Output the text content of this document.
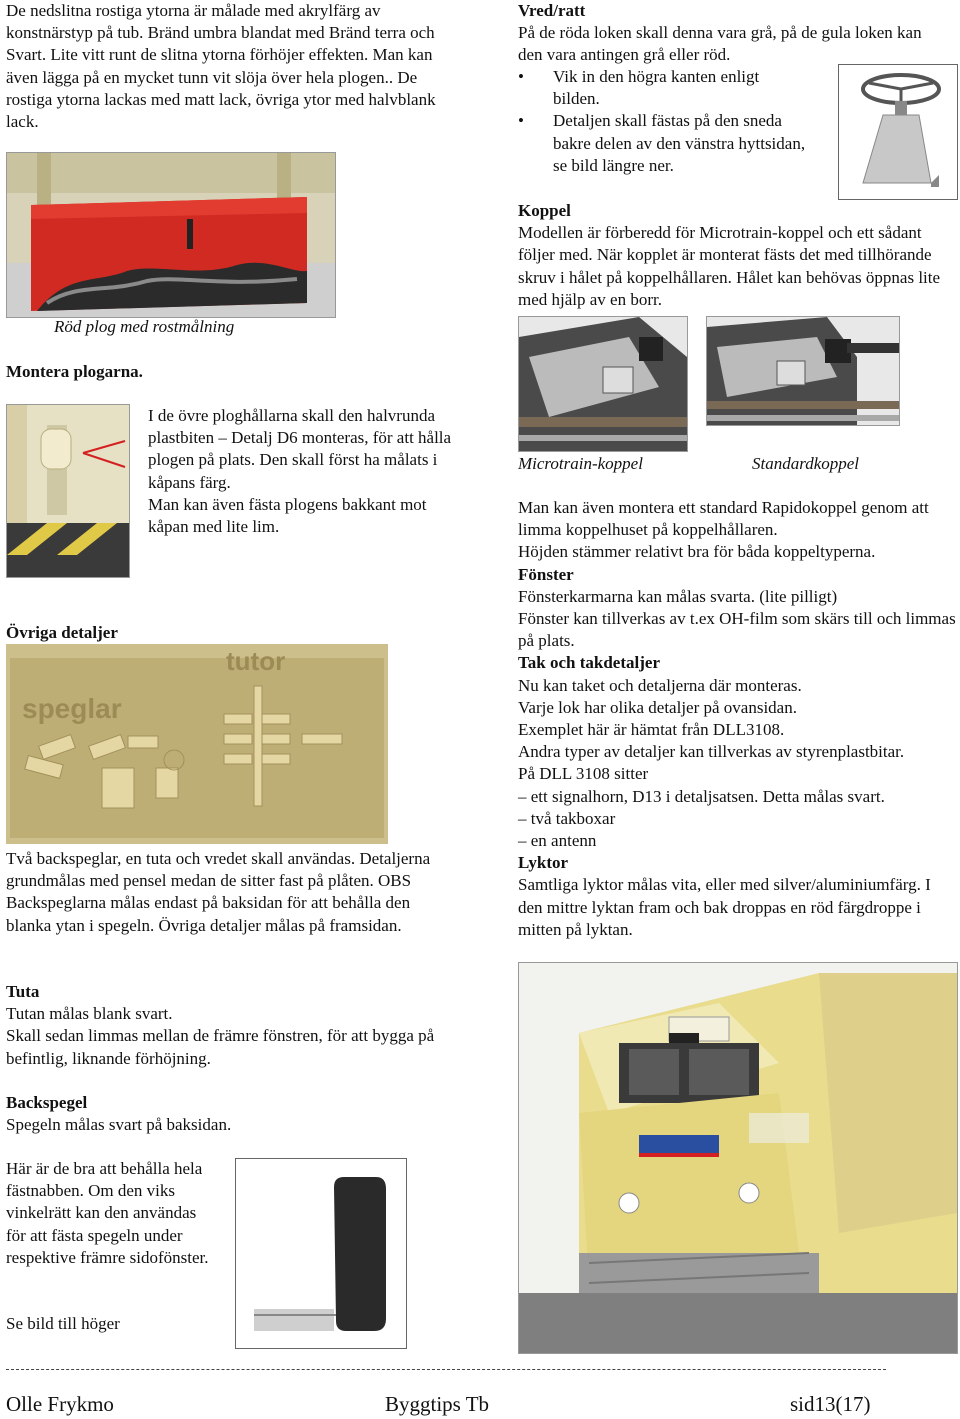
De nedslitna rostiga ytorna är målade med akrylfärg av konstnärstyp på tub. Bränd umbra blandat med Bränd terra och Svart. Lite vitt runt de slitna ytorna förhöjer effekten. Man kan även lägga på en mycket tunn vit slöja över hela plogen.. De rostiga ytorna lackas med matt lack, övriga ytor med halvblank lack.

Röd plog med rostmålning

Montera plogarna.

I de övre ploghållarna skall den halvrunda plastbiten – Detalj D6 monteras, för att hålla plogen på plats. Den skall först ha målats i kåpans färg.

Man kan även fästa plogens bakkant mot kåpan med lite lim.

Övriga detaljer

tutor
speglar

Två backspeglar, en tuta och vredet skall användas. Detaljerna grundmålas med pensel medan de sitter fast på plåten. OBS Backspeglarna målas endast på baksidan för att behålla den blanka ytan i spegeln. Övriga detaljer målas på framsidan.

Tuta

Tutan målas blank svart.

Skall sedan limmas mellan de främre fönstren, för att bygga på befintlig, liknande förhöjning.

Backspegel

Spegeln målas svart på baksidan.

Här är de bra att behålla hela fästnabben. Om den viks vinkelrätt kan den användas för att fästa spegeln under respektive främre sidofönster.

Se bild till höger

Vred/ratt

På de röda loken skall denna vara grå, på de gula loken kan den vara antingen grå eller röd.

• Vik in den högra kanten enligt bilden.

• Detaljen skall fästas på den sneda bakre delen av den vänstra hyttsidan, se bild längre ner.

Koppel

Modellen är förberedd för Microtrain-koppel och ett sådant följer med. När kopplet är monterat fästs det med tillhörande skruv i hålet på koppelhållaren. Hålet kan behövas öppnas lite med hjälp av en borr.

Microtrain-koppel	Standardkoppel

Man kan även montera ett standard Rapidokoppel genom att limma koppelhuset på koppelhållaren.

Höjden stämmer relativt bra för båda koppeltyperna.

Fönster

Fönsterkarmarna kan målas svarta. (lite pilligt)

Fönster kan tillverkas av t.ex OH-film som skärs till och limmas på plats.

Tak och takdetaljer

Nu kan taket och detaljerna där monteras.

Varje lok har olika detaljer på ovansidan.

Exemplet här är hämtat från DLL3108.

Andra typer av detaljer kan tillverkas av styrenplastbitar.

På DLL 3108 sitter

– ett signalhorn, D13 i detaljsatsen. Detta målas svart.

– två takboxar

– en antenn

Lyktor

Samtliga lyktor målas vita, eller med silver/aluminiumfärg. I den mittre lyktan fram och bak droppas en röd färgdroppe i mitten på lyktan.

Olle Frykmo	Byggtips Tb	sid13(17)
